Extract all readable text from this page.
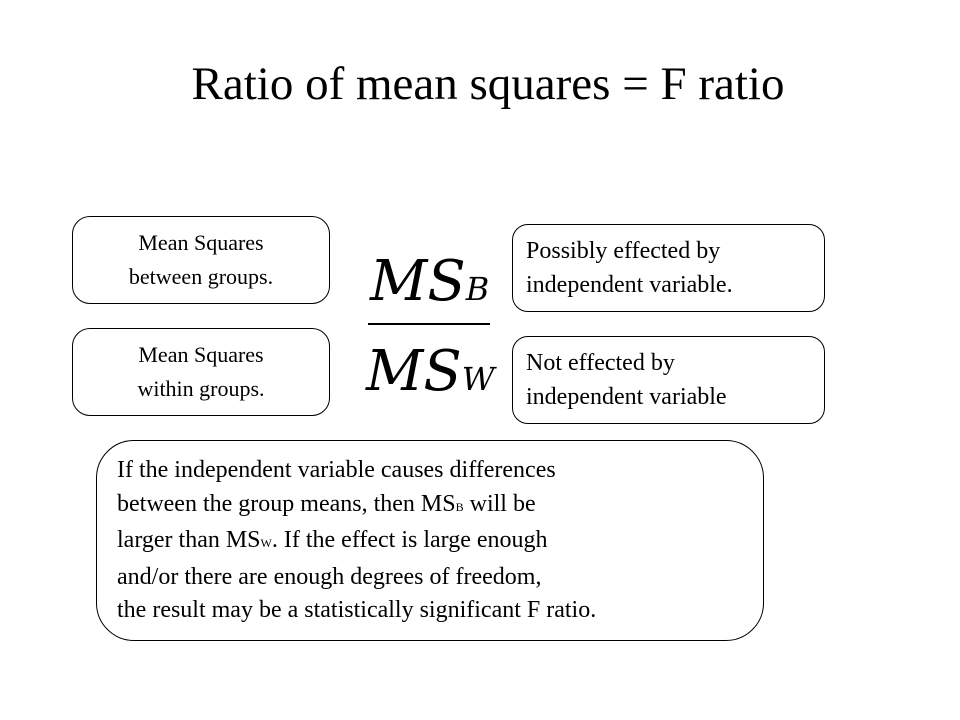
Ratio of mean squares = F ratio
Mean Squares
between groups.
Mean Squares
within groups.
MSB
MSW
Possibly effected by
independent variable.
Not effected by
independent variable
If the independent variable causes differences
between the group means, then MSB will be
larger than MSW. If the effect is large enough
and/or there are enough degrees of freedom,
the result may be a statistically significant F ratio.
